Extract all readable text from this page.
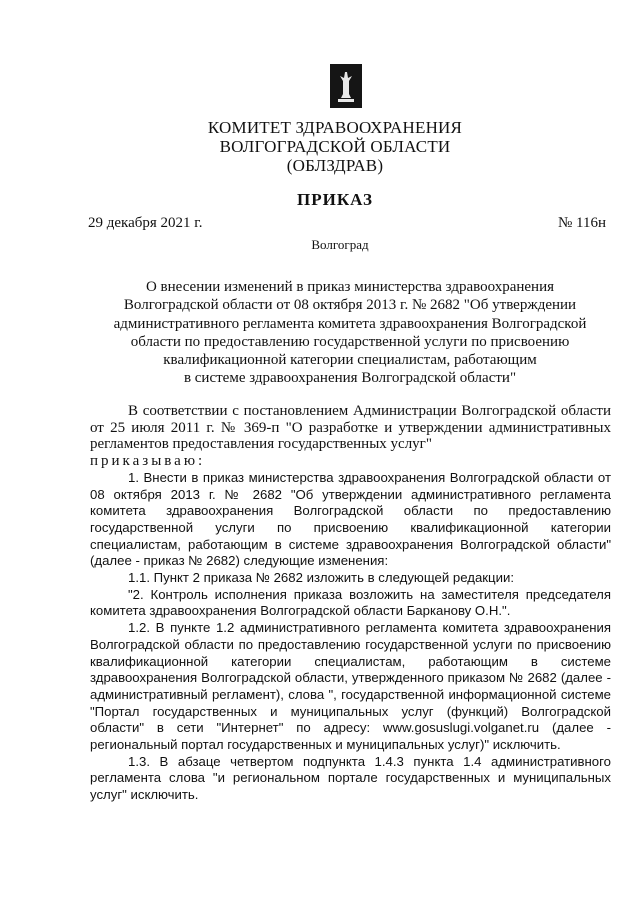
КОМИТЕТ ЗДРАВООХРАНЕНИЯ
ВОЛГОГРАДСКОЙ ОБЛАСТИ
(ОБЛЗДРАВ)
ПРИКАЗ
29 декабря 2021 г.	№ 116н
Волгоград
О внесении изменений в приказ министерства здравоохранения
Волгоградской области от 08 октября 2013 г. № 2682 "Об утверждении
административного регламента комитета здравоохранения Волгоградской
области по предоставлению государственной услуги по присвоению
квалификационной категории специалистам, работающим
в системе здравоохранения Волгоградской области"

В соответствии с постановлением Администрации Волгоградской области от 25 июля 2011 г. № 369-п "О разработке и утверждении административных регламентов предоставления государственных услуг"

приказываю:

1. Внести в приказ министерства здравоохранения Волгоградской области от 08 октября 2013 г. № 2682 "Об утверждении административного регламента комитета здравоохранения Волгоградской области по предоставлению государственной услуги по присвоению квалификационной категории специалистам, работающим в системе здравоохранения Волгоградской области" (далее - приказ № 2682) следующие изменения:

1.1. Пункт 2 приказа № 2682 изложить в следующей редакции:

"2. Контроль исполнения приказа возложить на заместителя председателя комитета здравоохранения Волгоградской области Барканову О.Н.".

1.2. В пункте 1.2 административного регламента комитета здравоохранения Волгоградской области по предоставлению государственной услуги по присвоению квалификационной категории специалистам, работающим в системе здравоохранения Волгоградской области, утвержденного приказом № 2682 (далее - административный регламент), слова ", государственной информационной системе "Портал государственных и муниципальных услуг (функций) Волгоградской области" в сети "Интернет" по адресу: www.gosuslugi.volganet.ru (далее - региональный портал государственных и муниципальных услуг)" исключить.

1.3. В абзаце четвертом подпункта 1.4.3 пункта 1.4 административного регламента слова "и региональном портале государственных и муниципальных услуг" исключить.
